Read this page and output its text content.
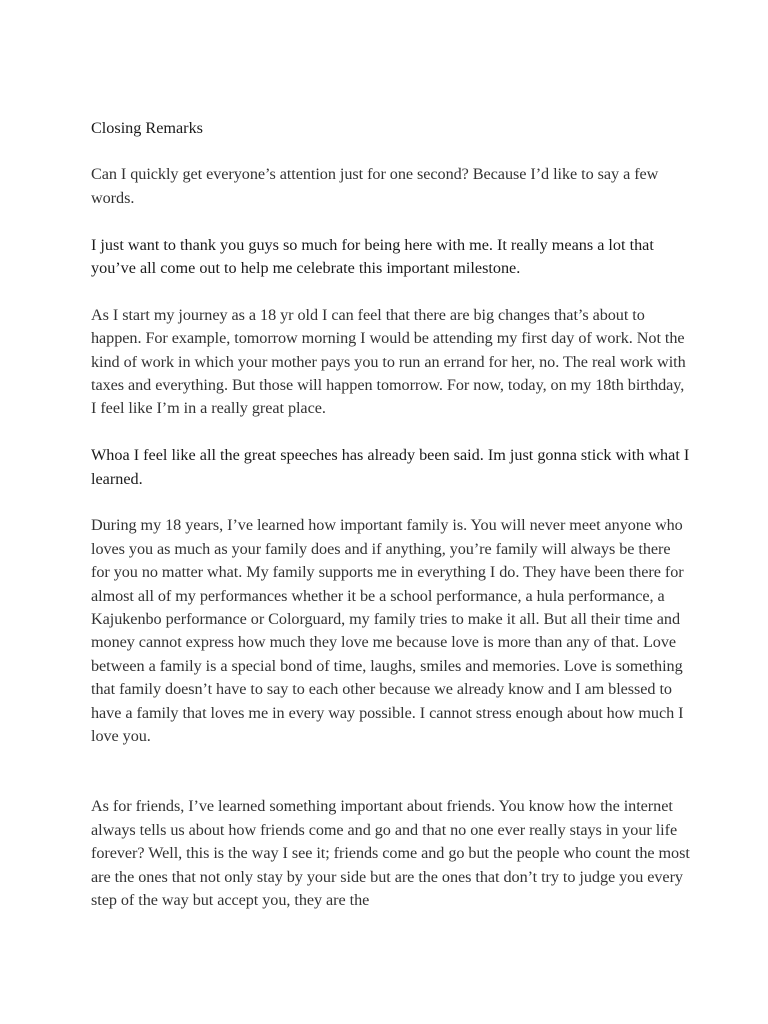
Closing Remarks

Can I quickly get everyone’s attention just for one second? Because I’d like to say a few words.

I just want to thank you guys so much for being here with me. It really means a lot that you’ve all come out to help me celebrate this important milestone.

As I start my journey as a 18 yr old I can feel that there are big changes that’s about to happen. For example, tomorrow morning I would be attending my first day of work. Not the kind of work in which your mother pays you to run an errand for her, no. The real work with taxes and everything. But those will happen tomorrow. For now, today, on my 18th birthday, I feel like I’m in a really great place.

Whoa I feel like all the great speeches has already been said. Im just gonna stick with what I learned.

During my 18 years, I’ve learned how important family is. You will never meet anyone who loves you as much as your family does and if anything, you’re family will always be there for you no matter what. My family supports me in everything I do. They have been there for almost all of my performances whether it be a school performance, a hula performance, a Kajukenbo performance or Colorguard, my family tries to make it all. But all their time and money cannot express how much they love me because love is more than any of that. Love between a family is a special bond of time, laughs, smiles and memories. Love is something that family doesn’t have to say to each other because we already know and I am blessed to have a family that loves me in every way possible. I cannot stress enough about how much I love you.

As for friends, I’ve learned something important about friends. You know how the internet always tells us about how friends come and go and that no one ever really stays in your life forever? Well, this is the way I see it; friends come and go but the people who count the most are the ones that not only stay by your side but are the ones that don’t try to judge you every step of the way but accept you, they are the
